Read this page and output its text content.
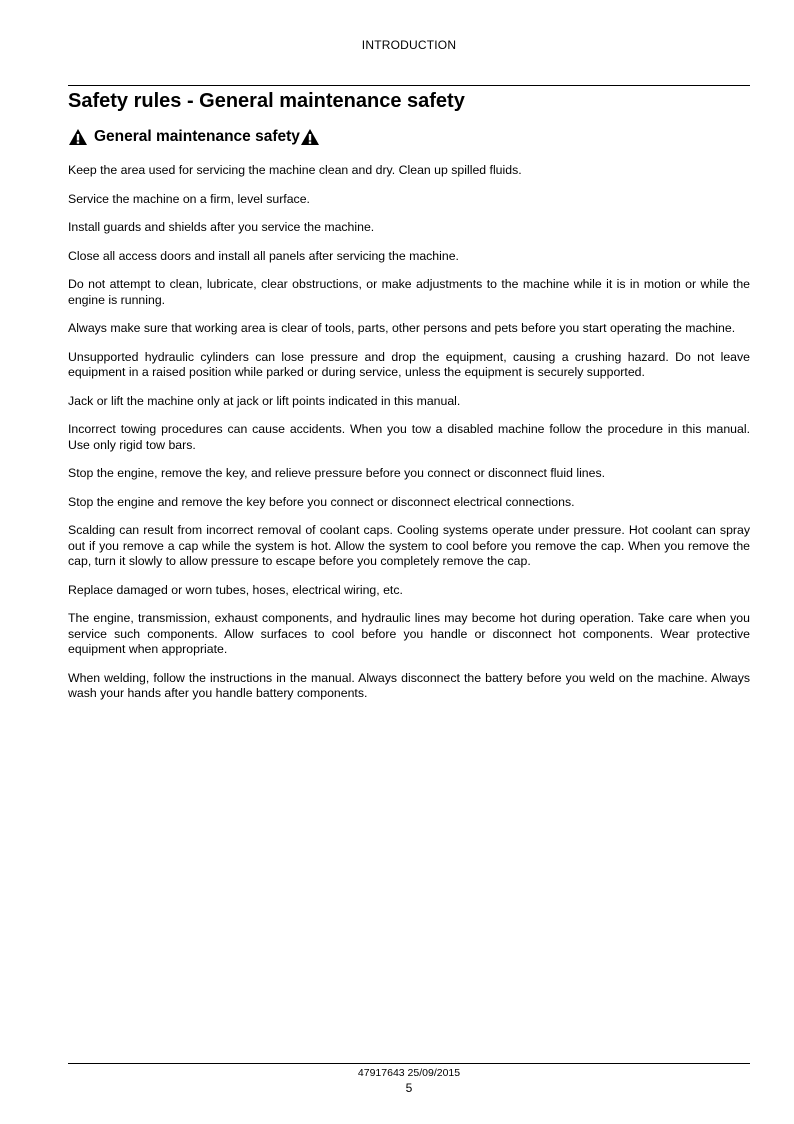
INTRODUCTION
Safety rules - General maintenance safety
General maintenance safety

Keep the area used for servicing the machine clean and dry. Clean up spilled fluids.

Service the machine on a firm, level surface.

Install guards and shields after you service the machine.

Close all access doors and install all panels after servicing the machine.

Do not attempt to clean, lubricate, clear obstructions, or make adjustments to the machine while it is in motion or while the engine is running.

Always make sure that working area is clear of tools, parts, other persons and pets before you start operating the machine.

Unsupported hydraulic cylinders can lose pressure and drop the equipment, causing a crushing hazard. Do not leave equipment in a raised position while parked or during service, unless the equipment is securely supported.

Jack or lift the machine only at jack or lift points indicated in this manual.

Incorrect towing procedures can cause accidents. When you tow a disabled machine follow the procedure in this manual. Use only rigid tow bars.

Stop the engine, remove the key, and relieve pressure before you connect or disconnect fluid lines.

Stop the engine and remove the key before you connect or disconnect electrical connections.

Scalding can result from incorrect removal of coolant caps. Cooling systems operate under pressure. Hot coolant can spray out if you remove a cap while the system is hot. Allow the system to cool before you remove the cap. When you remove the cap, turn it slowly to allow pressure to escape before you completely remove the cap.

Replace damaged or worn tubes, hoses, electrical wiring, etc.

The engine, transmission, exhaust components, and hydraulic lines may become hot during operation. Take care when you service such components. Allow surfaces to cool before you handle or disconnect hot components. Wear protective equipment when appropriate.

When welding, follow the instructions in the manual. Always disconnect the battery before you weld on the machine. Always wash your hands after you handle battery components.

47917643 25/09/2015
5
